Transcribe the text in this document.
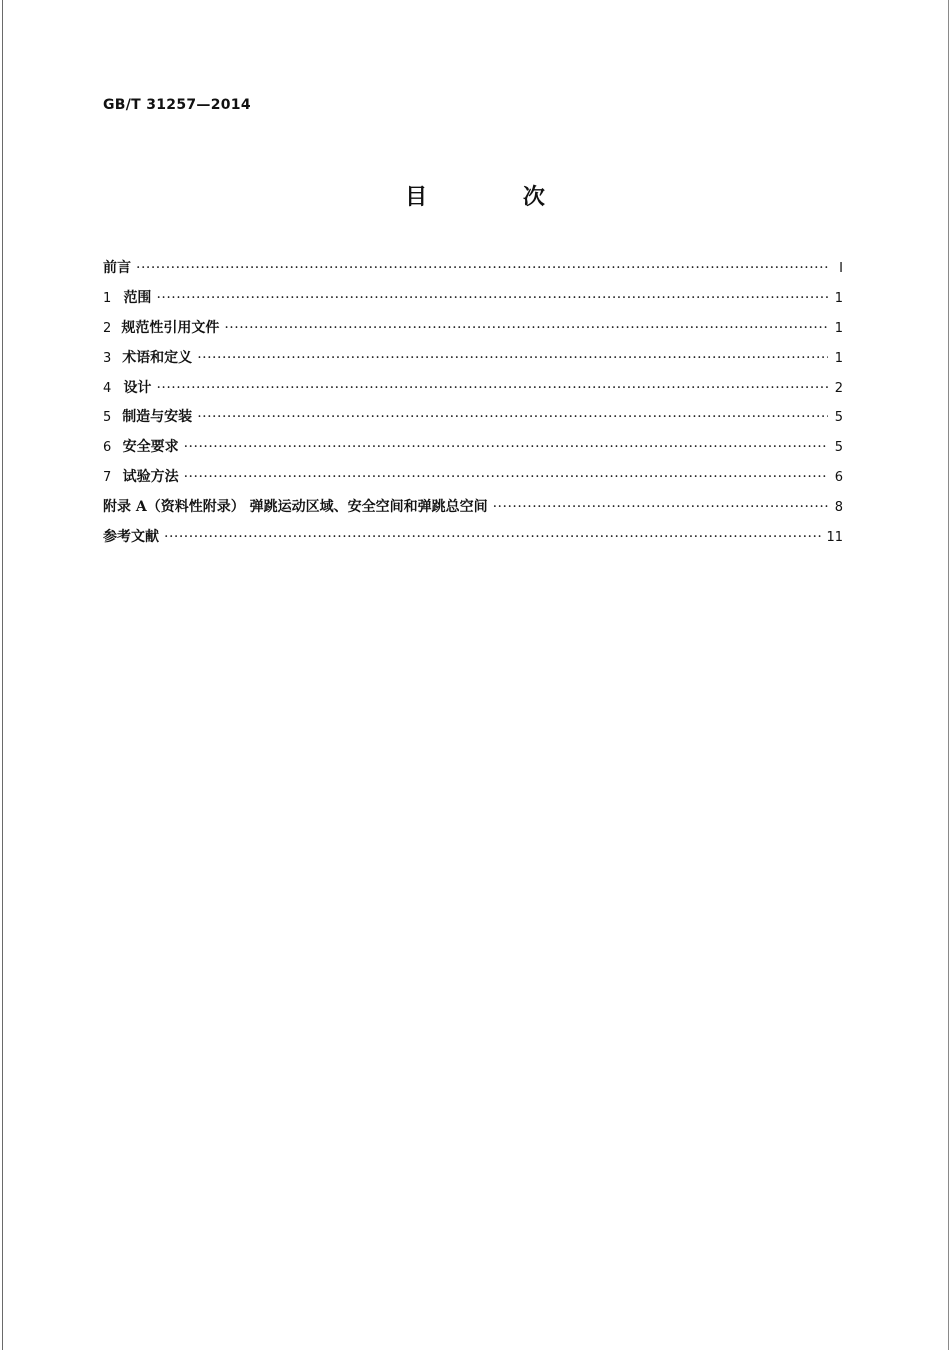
GB/T 31257—2014
目 次
前言 ·····	Ⅰ
1 范围 ·····	1
2 规范性引用文件 ·····	1
3 术语和定义 ·····	1
4 设计 ·····	2
5 制造与安装 ·····	5
6 安全要求 ·····	5
7 试验方法 ·····	6
附录 A（资料性附录） 弹跳运动区域、安全空间和弹跳总空间 ·····	8
参考文献 ·····	11
